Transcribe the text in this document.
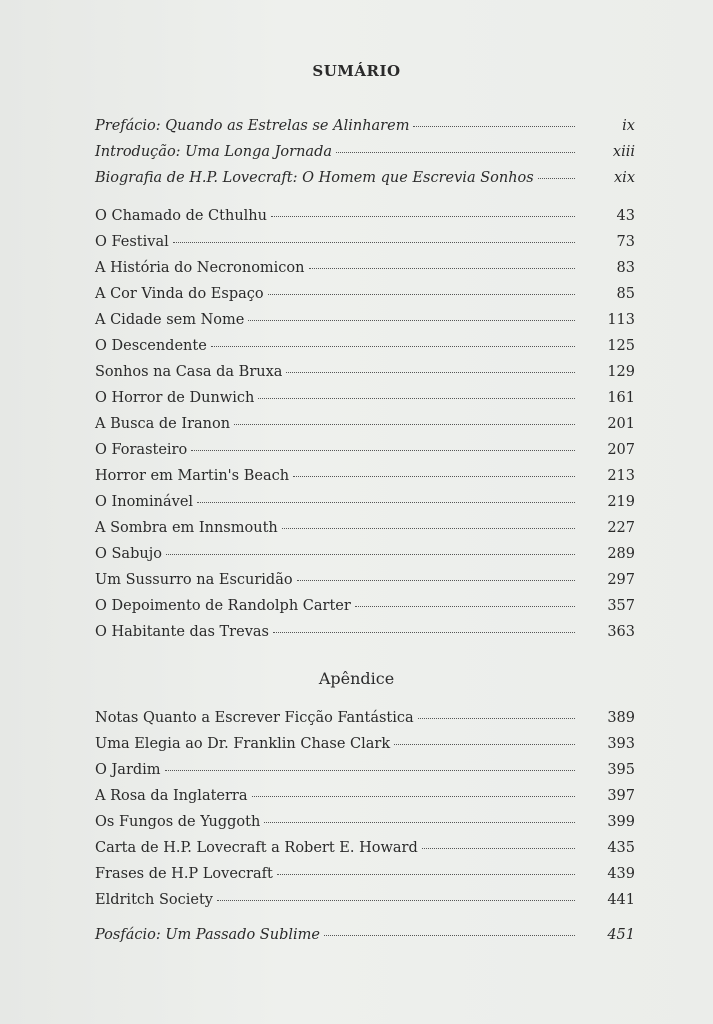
SUMÁRIO
Prefácio: Quando as Estrelas se Alinharem	ix
Introdução: Uma Longa Jornada	xiii
Biografia de H.P. Lovecraft: O Homem que Escrevia Sonhos	xix
O Chamado de Cthulhu	43
O Festival	73
A História do Necronomicon	83
A Cor Vinda do Espaço	85
A Cidade sem Nome	113
O Descendente	125
Sonhos na Casa da Bruxa	129
O Horror de Dunwich	161
A Busca de Iranon	201
O Forasteiro	207
Horror em Martin's Beach	213
O Inominável	219
A Sombra em Innsmouth	227
O Sabujo	289
Um Sussurro na Escuridão	297
O Depoimento de Randolph Carter	357
O Habitante das Trevas	363
Apêndice
Notas Quanto a Escrever Ficção Fantástica	389
Uma Elegia ao Dr. Franklin Chase Clark	393
O Jardim	395
A Rosa da Inglaterra	397
Os Fungos de Yuggoth	399
Carta de H.P. Lovecraft a Robert E. Howard	435
Frases de H.P Lovecraft	439
Eldritch Society	441
Posfácio: Um Passado Sublime	451
